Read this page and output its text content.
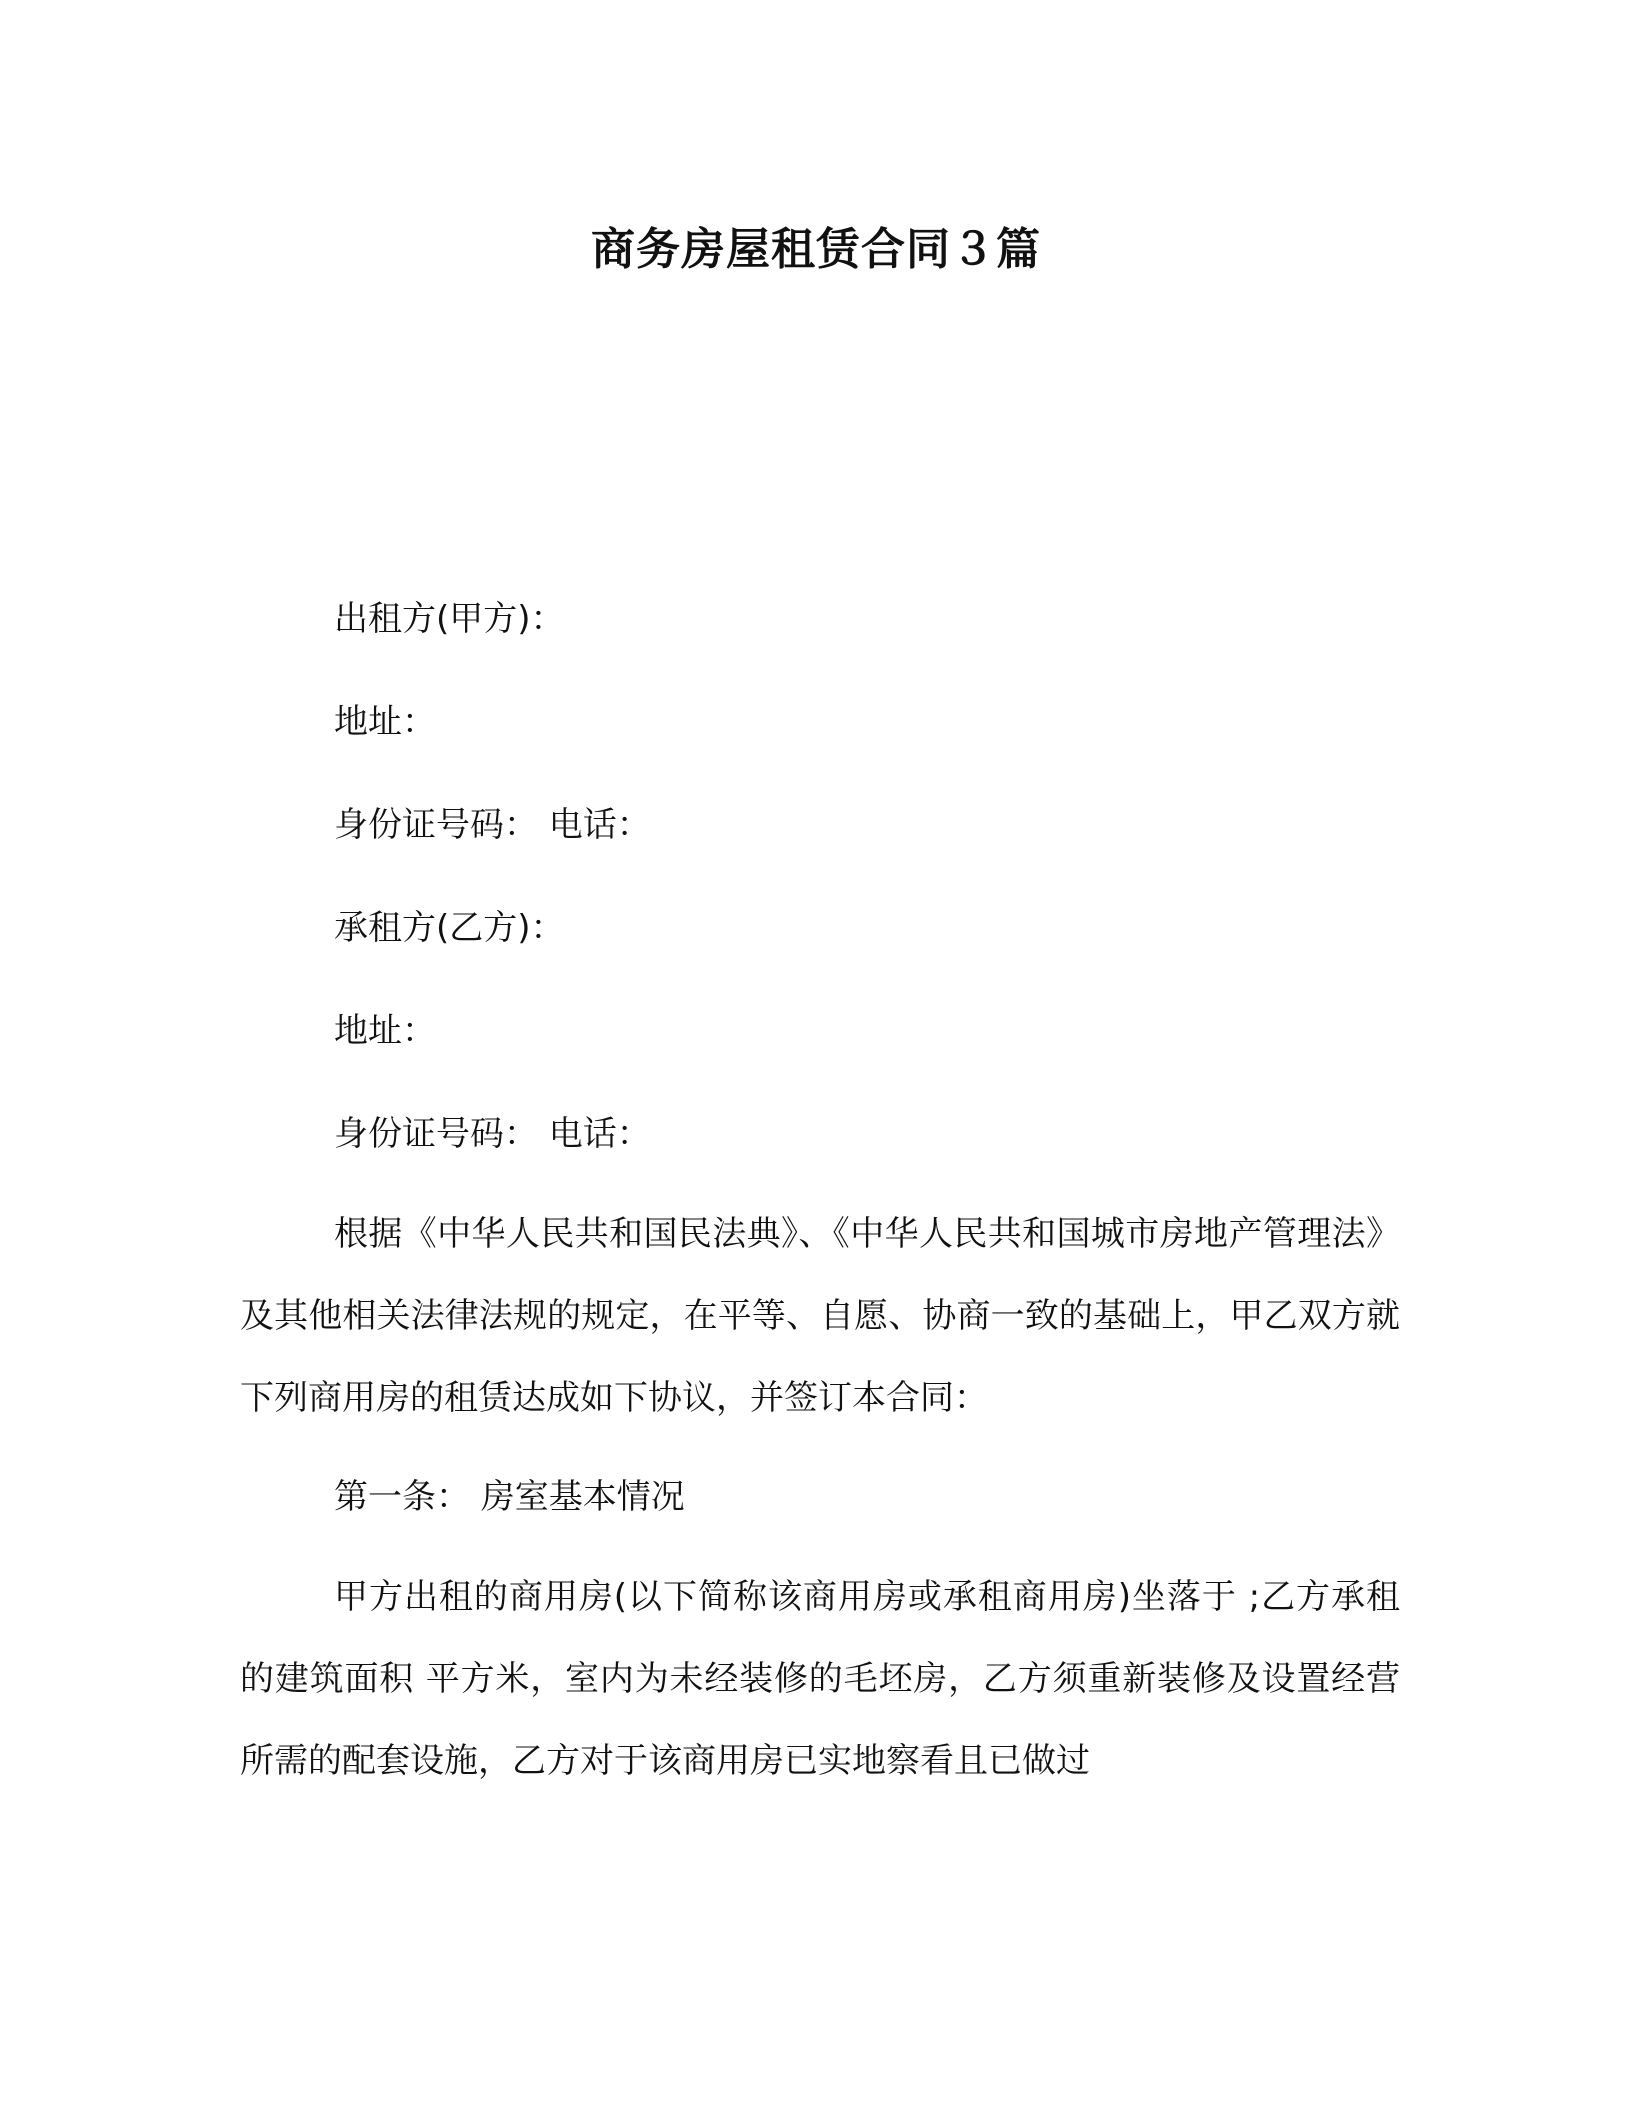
商务房屋租赁合同３篇
出租方(甲方)：
地址：
身份证号码： 电话：
承租方(乙方)：
地址：
身份证号码： 电话：
根据《中华人民共和国民法典》、《中华人民共和国城市房地产管理法》及其他相关法律法规的规定，在平等、自愿、协商一致的基础上，甲乙双方就下列商用房的租赁达成如下协议，并签订本合同：
第一条： 房室基本情况
甲方出租的商用房(以下简称该商用房或承租商用房)坐落于 ;乙方承租的建筑面积 平方米，室内为未经装修的毛坯房，乙方须重新装修及设置经营所需的配套设施，乙方对于该商用房已实地察看且已做过
